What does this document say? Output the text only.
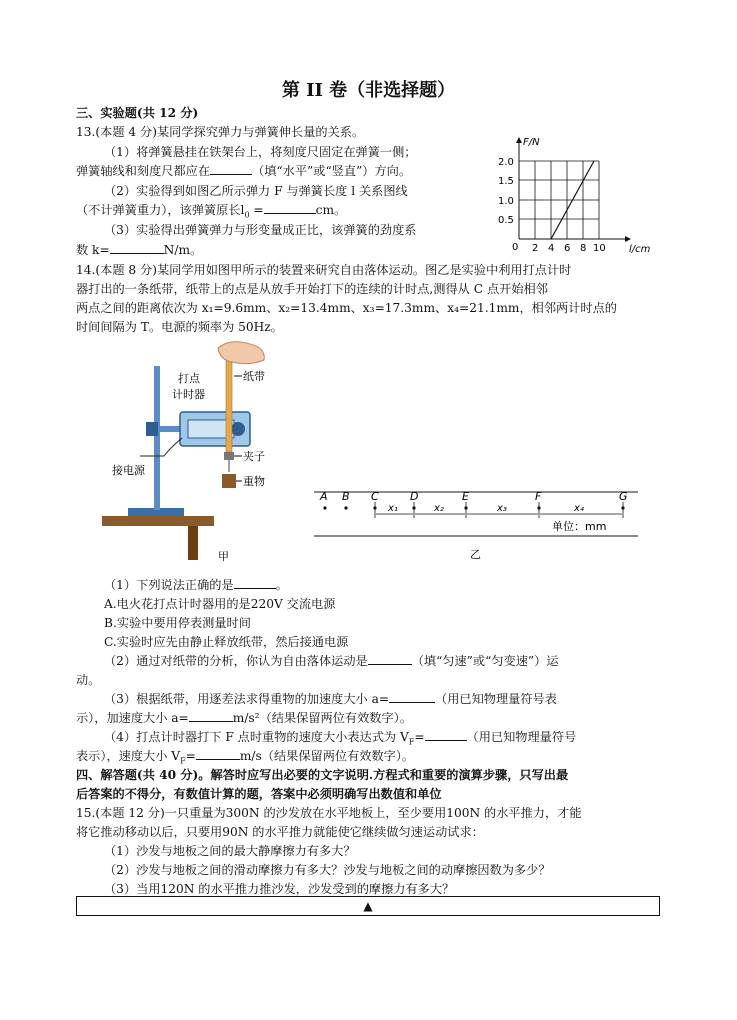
第 II 卷（非选择题）
三、实验题(共 12 分)
13.(本题 4 分)某同学探究弹力与弹簧伸长量的关系。
（1）将弹簧悬挂在铁架台上，将刻度尺固定在弹簧一侧；
弹簧轴线和刻度尺都应在	（填“水平”或“竖直”）方向。
（2）实验得到如图乙所示弹力 F 与弹簧长度 l 关系图线
（不计弹簧重力），该弹簧原长$l_0$ =	cm。
（3）实验得出弹簧弹力与形变量成正比，该弹簧的劲度系
数 k=	N/m。
F/N
l/cm
0
0.5
1.0
1.5
2.0
2 4 6 8 10
14.(本题 8 分)某同学用如图甲所示的装置来研究自由落体运动。图乙是实验中利用打点计时
器打出的一条纸带，纸带上的点是从放手开始打下的连续的计时点,测得从 C 点开始相邻
两点之间的距离依次为 x₁=9.6mm、x₂=13.4mm、x₃=17.3mm、x₄=21.1mm，相邻两计时点的
时间间隔为 T。电源的频率为 50Hz。
打点
计时器
纸带
夹子
重物
接电源
甲
A B C	D	E	F	G
x₁	x₂	x₃	x₄
单位：mm
乙
（1）下列说法正确的是	。
A.电火花打点计时器用的是220V 交流电源
B.实验中要用停表测量时间
C.实验时应先由静止释放纸带，然后接通电源
（2）通过对纸带的分析，你认为自由落体运动是	（填“匀速”或“匀变速”）运
动。
（3）根据纸带，用逐差法求得重物的加速度大小 a=	（用已知物理量符号表
示），加速度大小 a=	m/s²（结果保留两位有效数字）。
（4）打点计时器打下 F 点时重物的速度大小表达式为 $V_F=$	（用已知物理量符号
表示），速度大小 $V_F=$	m/s（结果保留两位有效数字）。
四、解答题(共 40 分)。解答时应写出必要的文字说明.方程式和重要的演算步骤，只写出最
后答案的不得分，有数值计算的题，答案中必须明确写出数值和单位
15.(本题 12 分)一只重量为300N 的沙发放在水平地板上，至少要用100N 的水平推力，才能
将它推动移动以后，只要用90N 的水平推力就能使它继续做匀速运动试求：
（1）沙发与地板之间的最大静摩擦力有多大？
（2）沙发与地板之间的滑动摩擦力有多大？沙发与地板之间的动摩擦因数为多少？
（3）当用120N 的水平推力推沙发，沙发受到的摩擦力有多大？
▲
